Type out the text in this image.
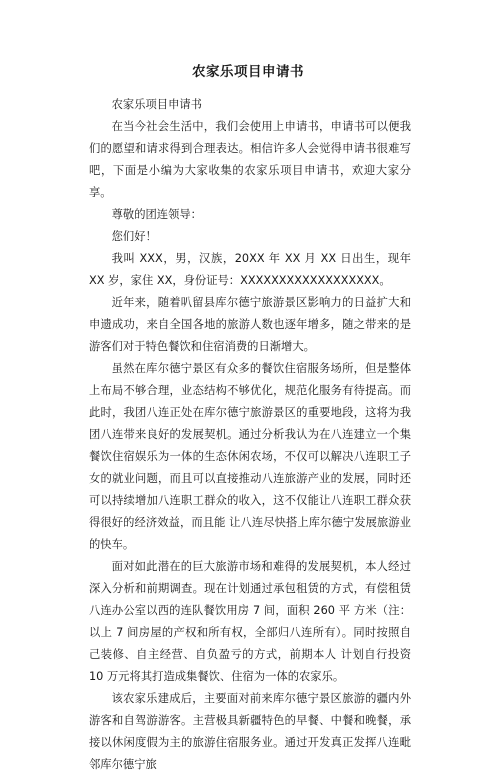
农家乐项目申请书

农家乐项目申请书

在当今社会生活中，我们会使用上申请书，申请书可以便我们的愿望和请求得到合理表达。相信许多人会觉得申请书很难写吧，下面是小编为大家收集的农家乐项目申请书，欢迎大家分享。

尊敬的团连领导：

您们好！

我叫 XXX，男，汉族，20XX 年 XX 月 XX 日出生，现年 XX 岁，家住 XX，身份证号：XXXXXXXXXXXXXXXXXX。

近年来，随着叭留县库尔德宁旅游景区影响力的日益扩大和申遗成功，来自全国各地的旅游人数也逐年增多，随之带来的是游客们对于特色餐饮和住宿消费的日渐增大。

虽然在库尔德宁景区有众多的餐饮住宿服务场所，但是整体上布局不够合理，业态结构不够优化，规范化服务有待提高。而此时，我团八连正处在库尔德宁旅游景区的重要地段，这将为我团八连带来良好的发展契机。通过分析我认为在八连建立一个集餐饮住宿娱乐为一体的生态休闲农场，不仅可以解决八连职工子女的就业问题，而且可以直接推动八连旅游产业的发展，同时还可以持续增加八连职工群众的收入，这不仅能让八连职工群众获得很好的经济效益，而且能 让八连尽快搭上库尔德宁发展旅游业的快车。

面对如此潜在的巨大旅游市场和难得的发展契机，本人经过深入分析和前期调查。现在计划通过承包租赁的方式，有偿租赁八连办公室以西的连队餐饮用房 7 间，面积 260 平 方米（注：以上 7 间房屋的产权和所有权，全部归八连所有）。同时按照自己装修、自主经营、自负盈亏的方式，前期本人 计划自行投资 10 万元将其打造成集餐饮、住宿为一体的农家乐。

该农家乐建成后，主要面对前来库尔德宁景区旅游的疆内外游客和自驾游游客。主营极具新疆特色的早餐、中餐和晚餐，承接以休闲度假为主的旅游住宿服务业。通过开发真正发挥八连毗邻库尔德宁旅
